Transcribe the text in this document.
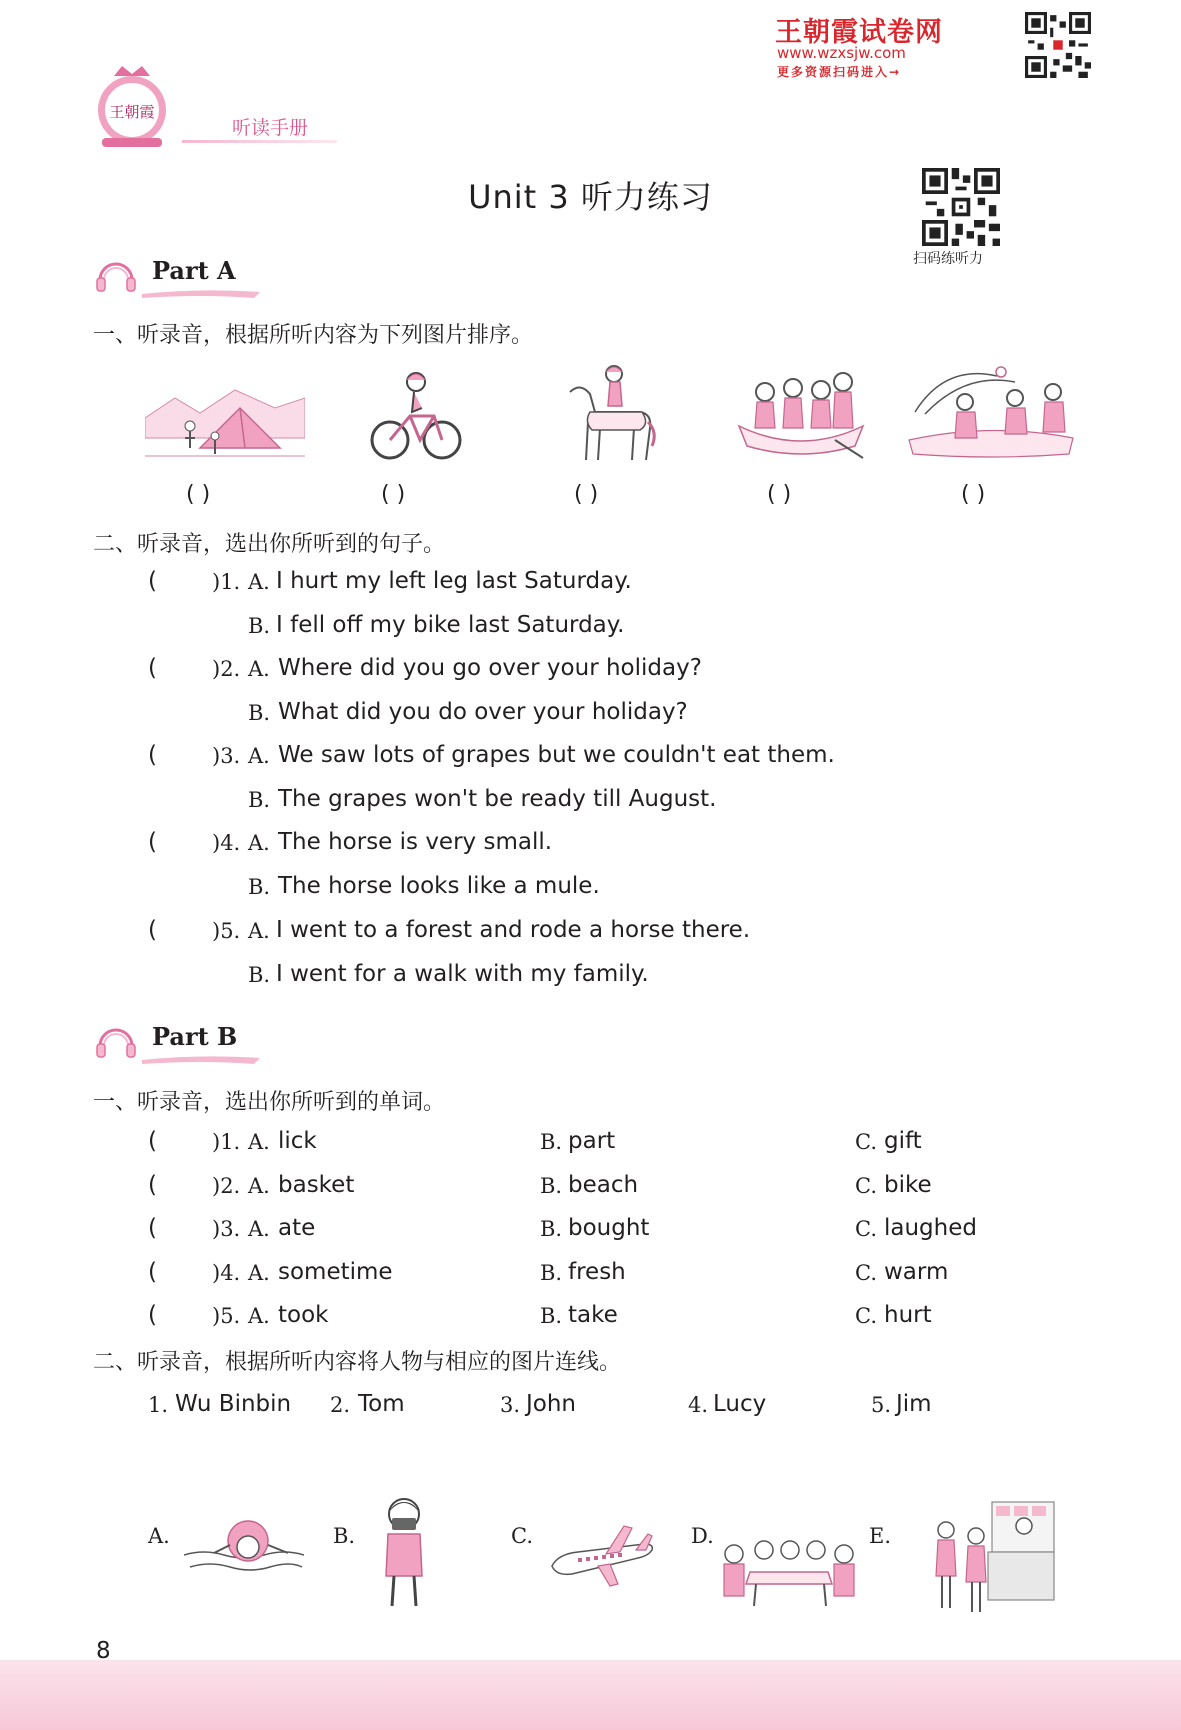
王朝霞试卷网
www.wzxsjw.com
更多资源扫码进入→
王朝霞
听读手册
Unit 3 听力练习
扫码练听力
Part A
一、听录音，根据所听内容为下列图片排序。
( )	( )	( )	( )	( )
二、听录音，选出你所听到的句子。
(	)1. A. I hurt my left leg last Saturday.
B. I fell off my bike last Saturday.
(	)2. A. Where did you go over your holiday?
B. What did you do over your holiday?
(	)3. A. We saw lots of grapes but we couldn't eat them.
B. The grapes won't be ready till August.
(	)4. A. The horse is very small.
B. The horse looks like a mule.
(	)5. A. I went to a forest and rode a horse there.
B. I went for a walk with my family.
Part B
一、听录音，选出你所听到的单词。
(	)1. A. lick	B. part	C. gift
(	)2. A. basket	B. beach	C. bike
(	)3. A. ate	B. bought	C. laughed
(	)4. A. sometime	B. fresh	C. warm
(	)5. A. took	B. take	C. hurt
二、听录音，根据所听内容将人物与相应的图片连线。
1. Wu Binbin 2. Tom	3. John	4. Lucy	5. Jim
A.	B.	C.	D.	E.
8
